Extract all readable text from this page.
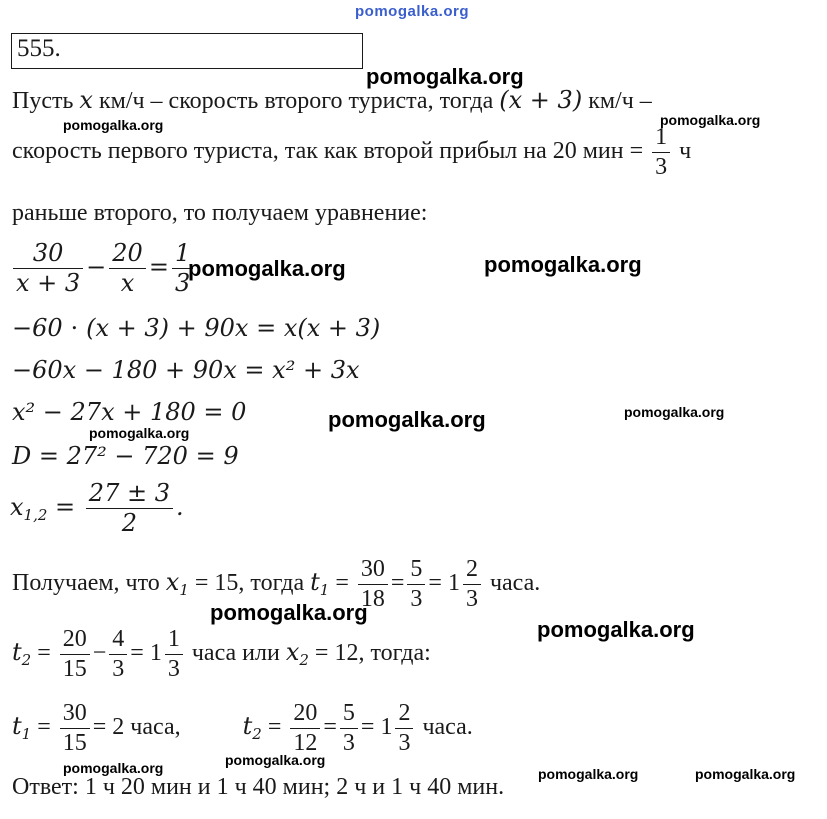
pomogalka.org
555.
pomogalka.org
Пусть x км/ч – скорость второго туриста, тогда (x + 3) км/ч –
pomogalka.org	pomogalka.org
скорость первого туриста, так как второй прибыл на 20 мин = $\frac{1}{3}$ ч
раньше второго, то получаем уравнение:
$\frac{30}{x + 3} - \frac{20}{x} = \frac{1}{3}$
pomogalka.org	pomogalka.org
−60 ⋅ (x + 3) + 90x = x(x + 3)
−60x − 180 + 90x = x² + 3x
x² − 27x + 180 = 0
pomogalka.org
pomogalka.org	pomogalka.org
D = 27² − 720 = 9
$x_{1,2} = \frac{27 \pm 3}{2}$ .
Получаем, что $x_1 = 15$, тогда $t_1 = \frac{30}{18} = \frac{5}{3} = 1 \frac{2}{3}$ часа.
pomogalka.org
pomogalka.org
$t_2 = \frac{20}{15} - \frac{4}{3} = 1 \frac{1}{3}$ часа или $x_2 = 12$, тогда:
$t_1 = \frac{30}{15} = 2$ часа,	$t_2 = \frac{20}{12} = \frac{5}{3} = 1 \frac{2}{3}$ часа.
pomogalka.org
pomogalka.org	pomogalka.org	pomogalka.org
Ответ: 1 ч 20 мин и 1 ч 40 мин; 2 ч и 1 ч 40 мин.
